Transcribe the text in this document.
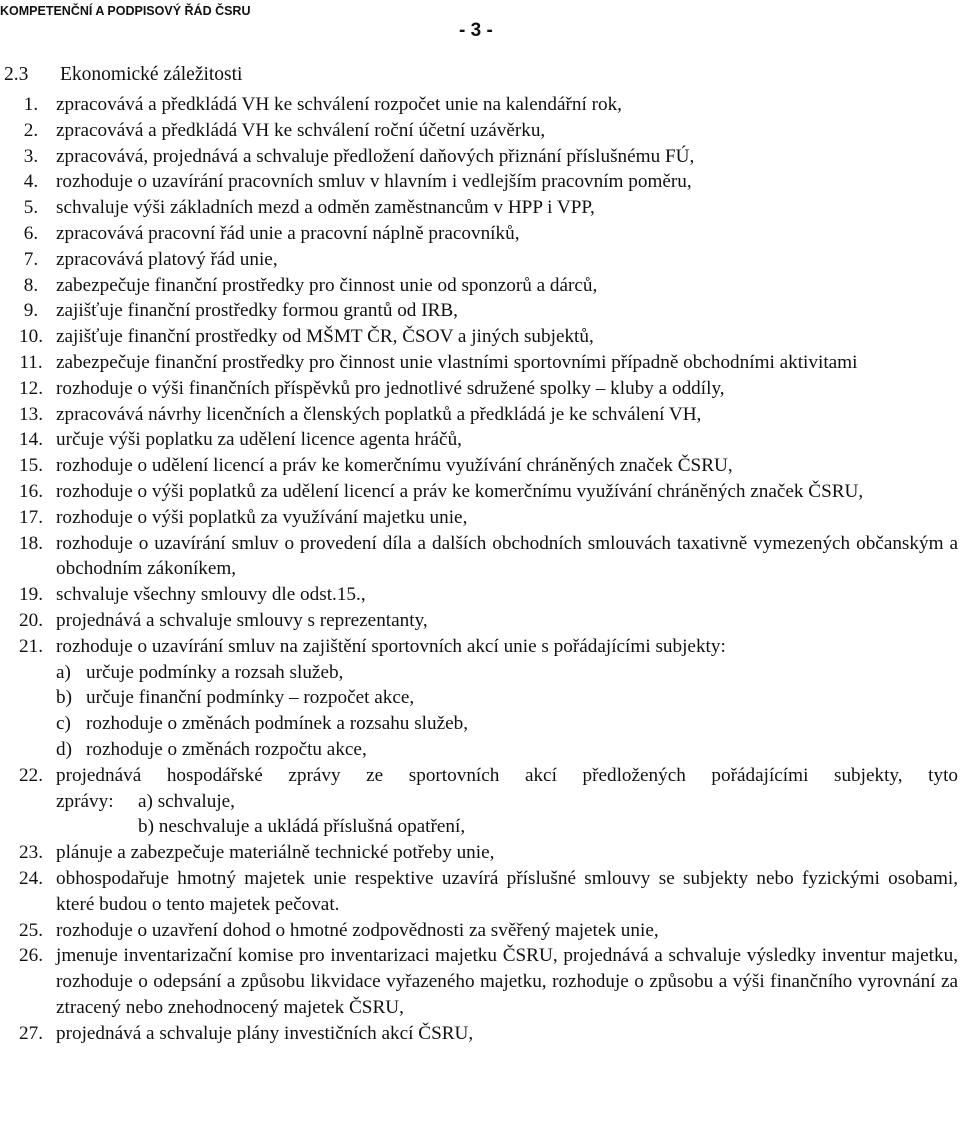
KOMPETENČNÍ A PODPISOVÝ ŘÁD ČSRU
- 3 -
2.3 Ekonomické záležitosti
1. zpracovává a předkládá VH ke schválení rozpočet unie na kalendářní rok,
2. zpracovává a předkládá VH ke schválení roční účetní uzávěrku,
3. zpracovává, projednává a schvaluje předložení daňových přiznání příslušnému FÚ,
4. rozhoduje o uzavírání pracovních smluv v hlavním i vedlejším pracovním poměru,
5. schvaluje výši základních mezd a odměn zaměstnancům v HPP i VPP,
6. zpracovává pracovní řád unie a pracovní náplně pracovníků,
7. zpracovává platový řád unie,
8. zabezpečuje finanční prostředky pro činnost unie od sponzorů a dárců,
9. zajišťuje finanční prostředky formou grantů od IRB,
10. zajišťuje finanční prostředky od MŠMT ČR, ČSOV a jiných subjektů,
11. zabezpečuje finanční prostředky pro činnost unie vlastními sportovními případně obchodními aktivitami
12. rozhoduje o výši finančních příspěvků pro jednotlivé sdružené spolky – kluby a oddíly,
13. zpracovává návrhy licenčních a členských poplatků a předkládá je ke schválení VH,
14. určuje výši poplatku za udělení licence agenta hráčů,
15. rozhoduje o udělení licencí a práv ke komerčnímu využívání chráněných značek ČSRU,
16. rozhoduje o výši poplatků za udělení licencí a práv ke komerčnímu využívání chráněných značek ČSRU,
17. rozhoduje o výši poplatků za využívání majetku unie,
18. rozhoduje o uzavírání smluv o provedení díla a dalších obchodních smlouvách taxativně vymezených občanským a obchodním zákoníkem,
19. schvaluje všechny smlouvy dle odst.15.,
20. projednává a schvaluje smlouvy s reprezentanty,
21. rozhoduje o uzavírání smluv na zajištění sportovních akcí unie s pořádajícími subjekty:
a) určuje podmínky a rozsah služeb,
b) určuje finanční podmínky – rozpočet akce,
c) rozhoduje o změnách podmínek a rozsahu služeb,
d) rozhoduje o změnách rozpočtu akce,
22. projednává hospodářské zprávy ze sportovních akcí předložených pořádajícími subjekty, tyto
zprávy:	a) schvaluje,
b) neschvaluje a ukládá příslušná opatření,
23. plánuje a zabezpečuje materiálně technické potřeby unie,
24. obhospodařuje hmotný majetek unie respektive uzavírá příslušné smlouvy se subjekty nebo fyzickými osobami, které budou o tento majetek pečovat.
25. rozhoduje o uzavření dohod o hmotné zodpovědnosti za svěřený majetek unie,
26. jmenuje inventarizační komise pro inventarizaci majetku ČSRU, projednává a schvaluje výsledky inventur majetku, rozhoduje o odepsání a způsobu likvidace vyřazeného majetku, rozhoduje o způsobu a výši finančního vyrovnání za ztracený nebo znehodnocený majetek ČSRU,
27. projednává a schvaluje plány investičních akcí ČSRU,
